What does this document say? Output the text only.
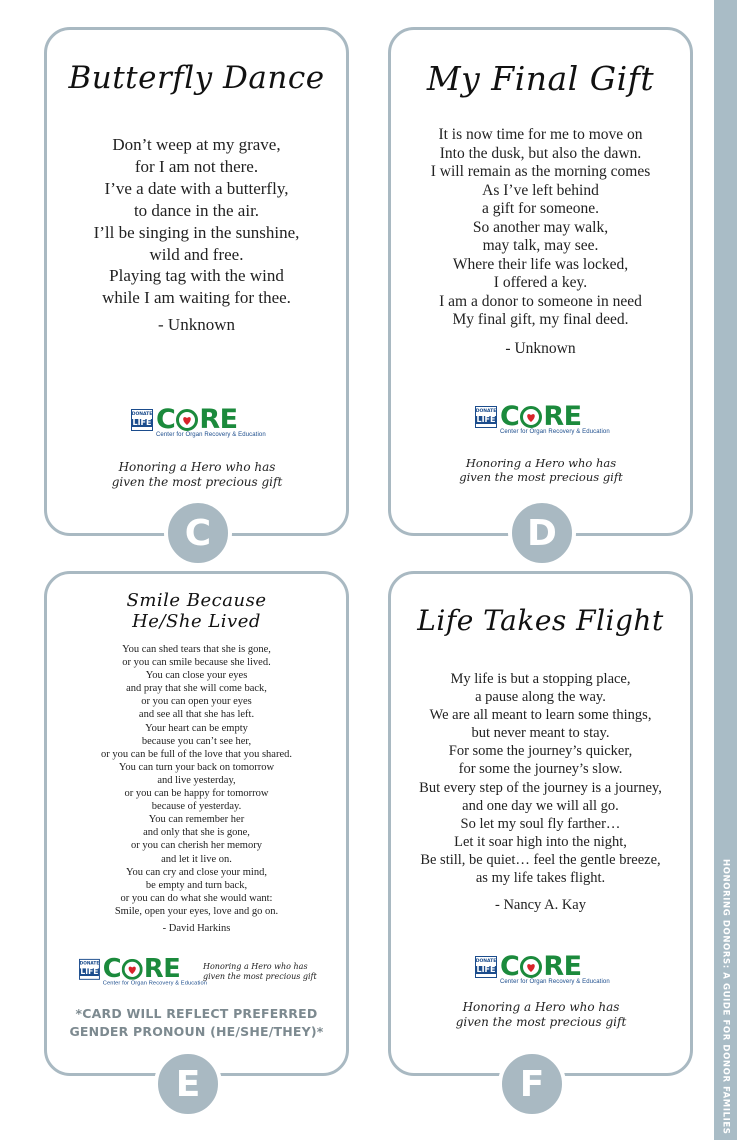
HONORING DONORS: A GUIDE FOR DONOR FAMILIES
Butterfly Dance
Don’t weep at my grave,
for I am not there.
I’ve a date with a butterfly,
to dance in the air.
I’ll be singing in the sunshine,
wild and free.
Playing tag with the wind
while I am waiting for thee.
- Unknown
DONATE
LIFE C RE
Center for Organ Recovery & Education
Honoring a Hero who has
given the most precious gift
C
My Final Gift
It is now time for me to move on
Into the dusk, but also the dawn.
I will remain as the morning comes
As I’ve left behind
a gift for someone.
So another may walk,
may talk, may see.
Where their life was locked,
I offered a key.
I am a donor to someone in need
My final gift, my final deed.
- Unknown
DONATE
LIFE C RE
Center for Organ Recovery & Education
Honoring a Hero who has
given the most precious gift
D
Smile Because
He/She Lived
You can shed tears that she is gone,
or you can smile because she lived.
You can close your eyes
and pray that she will come back,
or you can open your eyes
and see all that she has left.
Your heart can be empty
because you can’t see her,
or you can be full of the love that you shared.
You can turn your back on tomorrow
and live yesterday,
or you can be happy for tomorrow
because of yesterday.
You can remember her
and only that she is gone,
or you can cherish her memory
and let it live on.
You can cry and close your mind,
be empty and turn back,
or you can do what she would want:
Smile, open your eyes, love and go on.
- David Harkins
DONATE
LIFE C RE
Center for Organ Recovery & Education
Honoring a Hero who has
given the most precious gift
*CARD WILL REFLECT PREFERRED
GENDER PRONOUN (HE/SHE/THEY)*
E
Life Takes Flight
My life is but a stopping place,
a pause along the way.
We are all meant to learn some things,
but never meant to stay.
For some the journey’s quicker,
for some the journey’s slow.
But every step of the journey is a journey,
and one day we will all go.
So let my soul fly farther…
Let it soar high into the night,
Be still, be quiet… feel the gentle breeze,
as my life takes flight.
- Nancy A. Kay
DONATE
LIFE C RE
Center for Organ Recovery & Education
Honoring a Hero who has
given the most precious gift
F
